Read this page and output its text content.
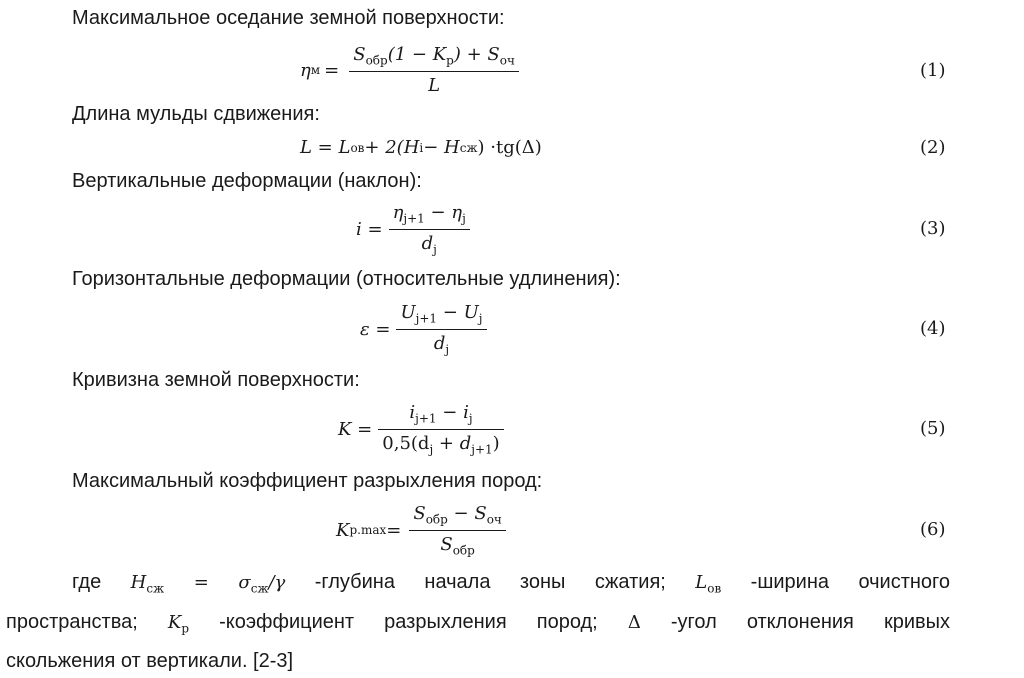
Максимальное оседание земной поверхности:
η $м = \frac{S_{обр}(1 - K_р) + S_{оч}}{L}$	(1)
Длина мульды сдвижения:
L = L ов + 2(H i − H сж ) · tg(Δ)	(2)
Вертикальные деформации (наклон):
$i = \frac{\eta_{j+1} - \eta_j}{d_j}$	(3)
Горизонтальные деформации (относительные удлинения):
$\varepsilon = \frac{U_{j+1} - U_j}{d_j}$	(4)
Кривизна земной поверхности:
$K = \frac{i_{j+1} - i_j}{0,5(d_j + d_{j+1})}$	(5)
Максимальный коэффициент разрыхления пород:
K $р.\max = \frac{S_{обр} - S_{оч}}{S_{обр}}$	(6)
где $H_{сж} = \sigma_{сж}/\gamma$ -глубина начала зоны сжатия; $L_{ов}$ -ширина очистного
пространства; $K_р$ -коэффициент разрыхления пород; Δ -угол отклонения кривых
скольжения от вертикали. [2-3]
